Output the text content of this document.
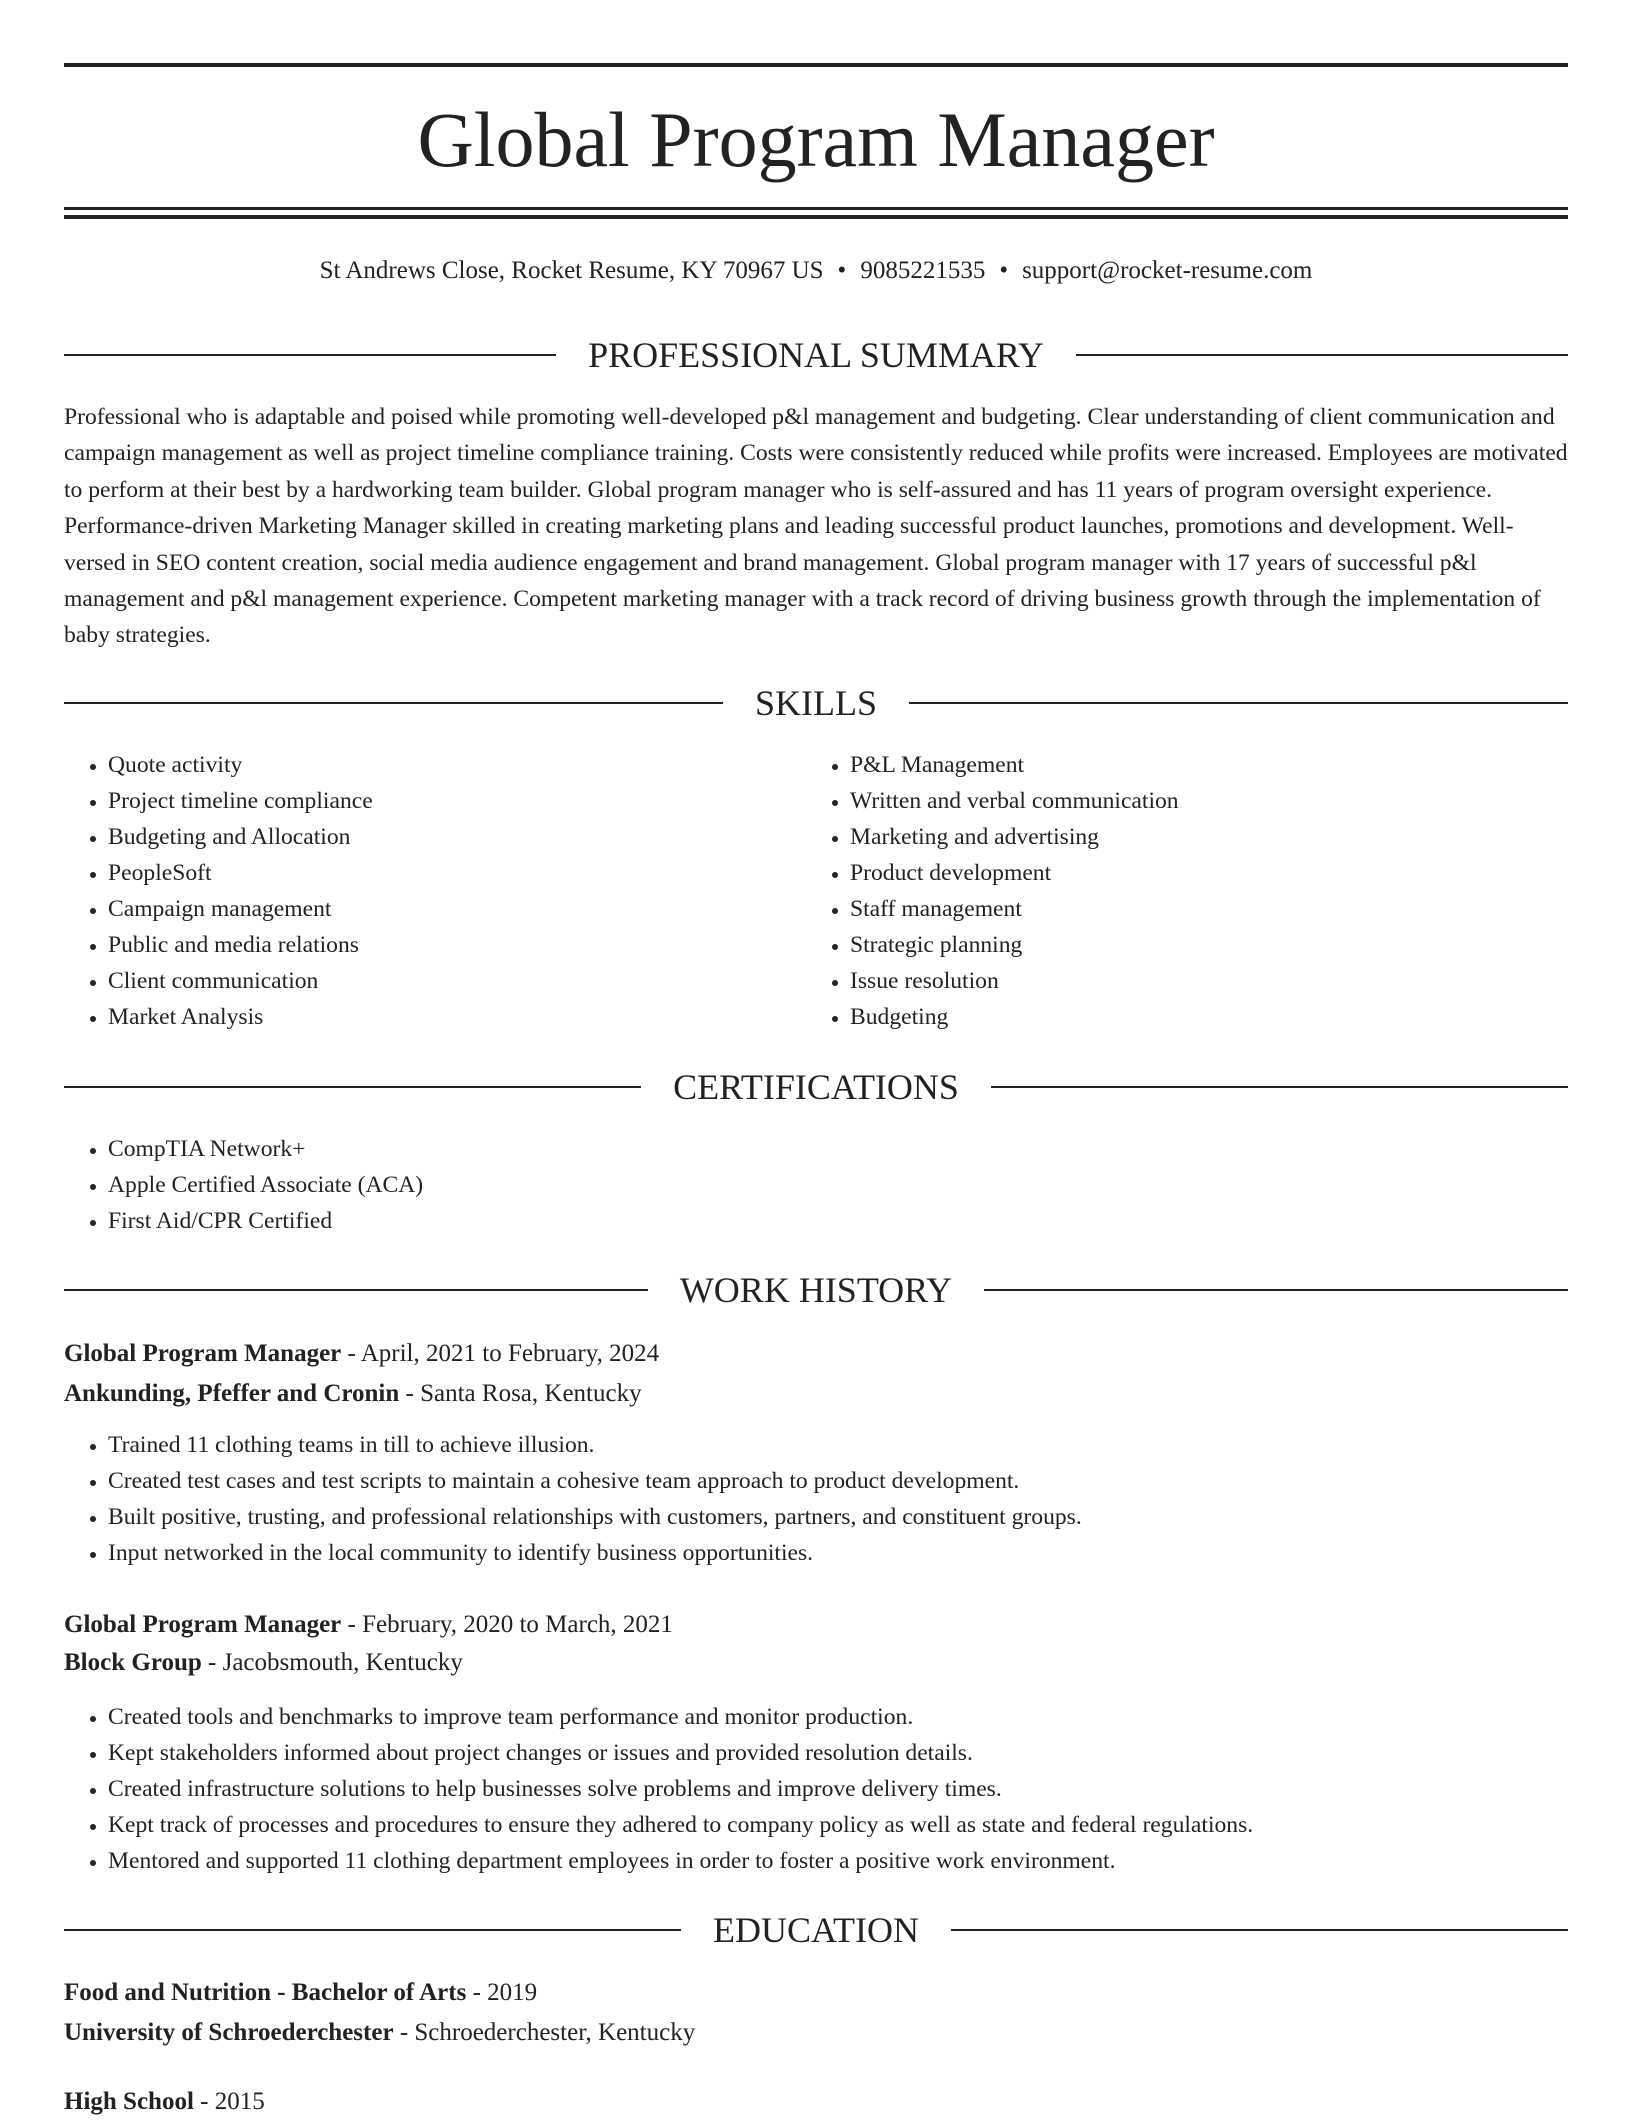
Global Program Manager
St Andrews Close, Rocket Resume, KY 70967 US • 9085221535 • support@rocket-resume.com
PROFESSIONAL SUMMARY

Professional who is adaptable and poised while promoting well-developed p&l management and budgeting. Clear understanding of client communication and campaign management as well as project timeline compliance training. Costs were consistently reduced while profits were increased. Employees are motivated to perform at their best by a hardworking team builder. Global program manager who is self-assured and has 11 years of program oversight experience. Performance-driven Marketing Manager skilled in creating marketing plans and leading successful product launches, promotions and development. Well-versed in SEO content creation, social media audience engagement and brand management. Global program manager with 17 years of successful p&l management and p&l management experience. Competent marketing manager with a track record of driving business growth through the implementation of baby strategies.

SKILLS
• Quote activity
• Project timeline compliance
• Budgeting and Allocation
• PeopleSoft
• Campaign management
• Public and media relations
• Client communication
• Market Analysis
• P&L Management
• Written and verbal communication
• Marketing and advertising
• Product development
• Staff management
• Strategic planning
• Issue resolution
• Budgeting
CERTIFICATIONS
• CompTIA Network+
• Apple Certified Associate (ACA)
• First Aid/CPR Certified
WORK HISTORY
Global Program Manager - April, 2021 to February, 2024
Ankunding, Pfeffer and Cronin - Santa Rosa, Kentucky
• Trained 11 clothing teams in till to achieve illusion.
• Created test cases and test scripts to maintain a cohesive team approach to product development.
• Built positive, trusting, and professional relationships with customers, partners, and constituent groups.
• Input networked in the local community to identify business opportunities.
Global Program Manager - February, 2020 to March, 2021
Block Group - Jacobsmouth, Kentucky
• Created tools and benchmarks to improve team performance and monitor production.
• Kept stakeholders informed about project changes or issues and provided resolution details.
• Created infrastructure solutions to help businesses solve problems and improve delivery times.
• Kept track of processes and procedures to ensure they adhered to company policy as well as state and federal regulations.
• Mentored and supported 11 clothing department employees in order to foster a positive work environment.
EDUCATION
Food and Nutrition - Bachelor of Arts - 2019
University of Schroederchester - Schroederchester, Kentucky
High School - 2015
